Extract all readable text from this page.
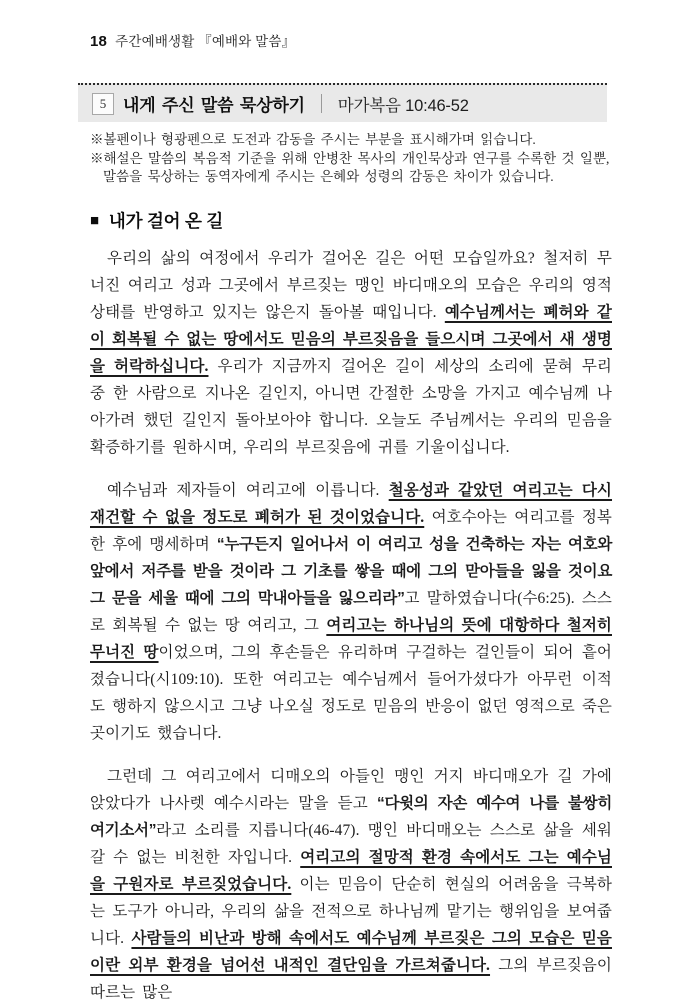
18 주간예배생활 『예배와 말씀』
5 내게 주신 말씀 묵상하기 마가복음 10:46-52
※볼펜이나 형광펜으로 도전과 감동을 주시는 부분을 표시해가며 읽습니다.
※해설은 말씀의 복음적 기준을 위해 안병찬 목사의 개인묵상과 연구를 수록한 것 일뿐,
말씀을 묵상하는 동역자에게 주시는 은혜와 성령의 감동은 차이가 있습니다.
■ 내가 걸어 온 길

우리의 삶의 여정에서 우리가 걸어온 길은 어떤 모습일까요? 철저히 무너진 여리고 성과 그곳에서 부르짖는 맹인 바디매오의 모습은 우리의 영적 상태를 반영하고 있지는 않은지 돌아볼 때입니다. 예수님께서는 폐허와 같이 회복될 수 없는 땅에서도 믿음의 부르짖음을 들으시며 그곳에서 새 생명을 허락하십니다. 우리가 지금까지 걸어온 길이 세상의 소리에 묻혀 무리 중 한 사람으로 지나온 길인지, 아니면 간절한 소망을 가지고 예수님께 나아가려 했던 길인지 돌아보아야 합니다. 오늘도 주님께서는 우리의 믿음을 확증하기를 원하시며, 우리의 부르짖음에 귀를 기울이십니다.

예수님과 제자들이 여리고에 이릅니다. 철옹성과 같았던 여리고는 다시 재건할 수 없을 정도로 폐허가 된 것이었습니다. 여호수아는 여리고를 정복한 후에 맹세하며 “누구든지 일어나서 이 여리고 성을 건축하는 자는 여호와 앞에서 저주를 받을 것이라 그 기초를 쌓을 때에 그의 맏아들을 잃을 것이요 그 문을 세울 때에 그의 막내아들을 잃으리라”고 말하였습니다(수6:25). 스스로 회복될 수 없는 땅 여리고, 그 여리고는 하나님의 뜻에 대항하다 철저히 무너진 땅이었으며, 그의 후손들은 유리하며 구걸하는 걸인들이 되어 흩어졌습니다(시109:10). 또한 여리고는 예수님께서 들어가셨다가 아무런 이적도 행하지 않으시고 그냥 나오실 정도로 믿음의 반응이 없던 영적으로 죽은 곳이기도 했습니다.

그런데 그 여리고에서 디매오의 아들인 맹인 거지 바디매오가 길 가에 앉았다가 나사렛 예수시라는 말을 듣고 “다윗의 자손 예수여 나를 불쌍히 여기소서”라고 소리를 지릅니다(46-47). 맹인 바디매오는 스스로 삶을 세워갈 수 없는 비천한 자입니다. 여리고의 절망적 환경 속에서도 그는 예수님을 구원자로 부르짖었습니다. 이는 믿음이 단순히 현실의 어려움을 극복하는 도구가 아니라, 우리의 삶을 전적으로 하나님께 맡기는 행위임을 보여줍니다. 사람들의 비난과 방해 속에서도 예수님께 부르짖은 그의 모습은 믿음이란 외부 환경을 넘어선 내적인 결단임을 가르쳐줍니다. 그의 부르짖음이 따르는 많은
